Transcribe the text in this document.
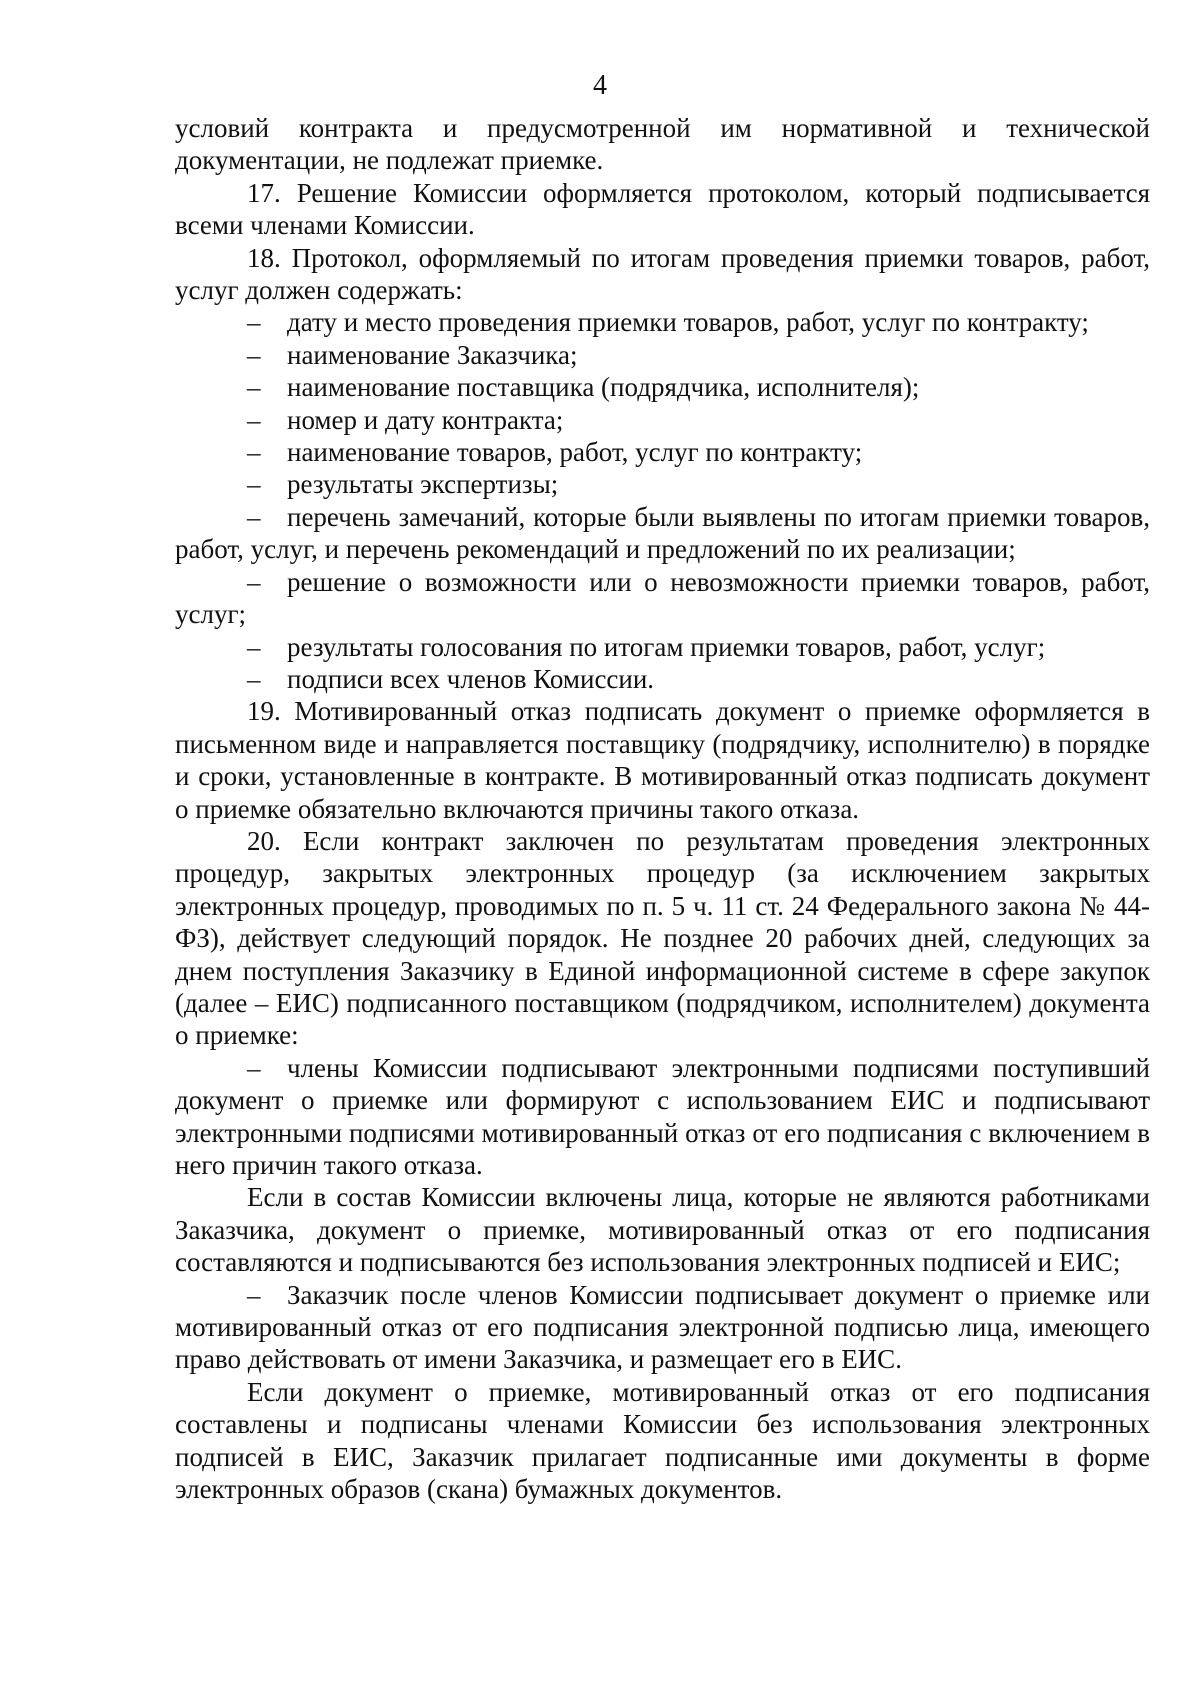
4

условий контракта и предусмотренной им нормативной и технической документации, не подлежат приемке.

17. Решение Комиссии оформляется протоколом, который подписывается всеми членами Комиссии.

18. Протокол, оформляемый по итогам проведения приемки товаров, работ, услуг должен содержать:

– дату и место проведения приемки товаров, работ, услуг по контракту;

– наименование Заказчика;

– наименование поставщика (подрядчика, исполнителя);

– номер и дату контракта;

– наименование товаров, работ, услуг по контракту;

– результаты экспертизы;

– перечень замечаний, которые были выявлены по итогам приемки товаров, работ, услуг, и перечень рекомендаций и предложений по их реализации;

– решение о возможности или о невозможности приемки товаров, работ, услуг;

– результаты голосования по итогам приемки товаров, работ, услуг;

– подписи всех членов Комиссии.

19. Мотивированный отказ подписать документ о приемке оформляется в письменном виде и направляется поставщику (подрядчику, исполнителю) в порядке и сроки, установленные в контракте. В мотивированный отказ подписать документ о приемке обязательно включаются причины такого отказа.

20. Если контракт заключен по результатам проведения электронных процедур, закрытых электронных процедур (за исключением закрытых электронных процедур, проводимых по п. 5 ч. 11 ст. 24 Федерального закона № 44-ФЗ), действует следующий порядок. Не позднее 20 рабочих дней, следующих за днем поступления Заказчику в Единой информационной системе в сфере закупок (далее – ЕИС) подписанного поставщиком (подрядчиком, исполнителем) документа о приемке:

– члены Комиссии подписывают электронными подписями поступивший документ о приемке или формируют с использованием ЕИС и подписывают электронными подписями мотивированный отказ от его подписания с включением в него причин такого отказа.

Если в состав Комиссии включены лица, которые не являются работниками Заказчика, документ о приемке, мотивированный отказ от его подписания составляются и подписываются без использования электронных подписей и ЕИС;

– Заказчик после членов Комиссии подписывает документ о приемке или мотивированный отказ от его подписания электронной подписью лица, имеющего право действовать от имени Заказчика, и размещает его в ЕИС.

Если документ о приемке, мотивированный отказ от его подписания составлены и подписаны членами Комиссии без использования электронных подписей в ЕИС, Заказчик прилагает подписанные ими документы в форме электронных образов (скана) бумажных документов.
